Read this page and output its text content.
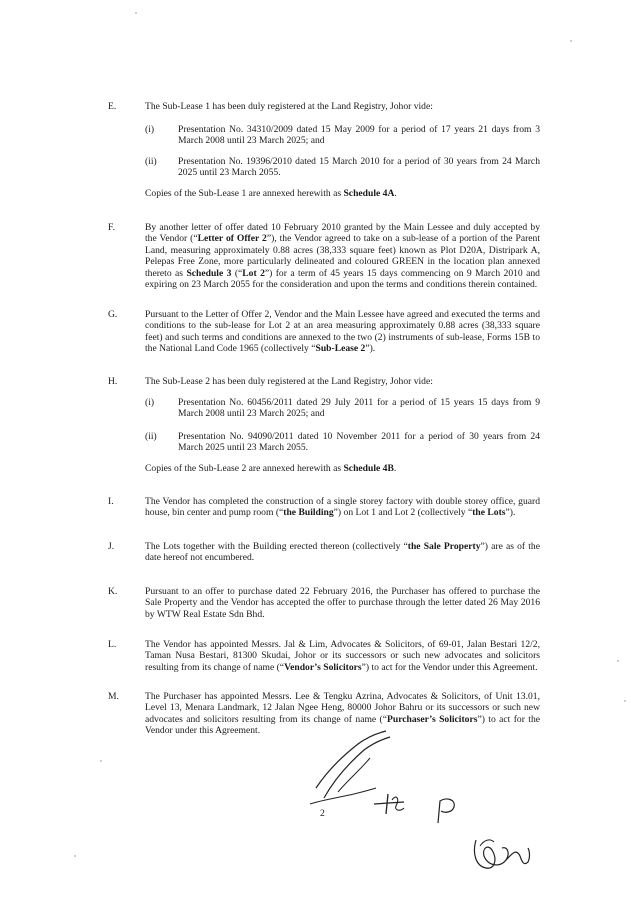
E.	The Sub-Lease 1 has been duly registered at the Land Registry, Johor vide:

(i) Presentation No. 34310/2009 dated 15 May 2009 for a period of 17 years 21 days from 3 March 2008 until 23 March 2025; and

(ii) Presentation No. 19396/2010 dated 15 March 2010 for a period of 30 years from 24 March 2025 until 23 March 2055.

Copies of the Sub-Lease 1 are annexed herewith as Schedule 4A.

F.	By another letter of offer dated 10 February 2010 granted by the Main Lessee and duly accepted by the Vendor (“Letter of Offer 2”), the Vendor agreed to take on a sub-lease of a portion of the Parent Land, measuring approximately 0.88 acres (38,333 square feet) known as Plot D20A, Distripark A, Pelepas Free Zone, more particularly delineated and coloured GREEN in the location plan annexed thereto as Schedule 3 (“Lot 2”) for a term of 45 years 15 days commencing on 9 March 2010 and expiring on 23 March 2055 for the consideration and upon the terms and conditions therein contained.

G.	Pursuant to the Letter of Offer 2, Vendor and the Main Lessee have agreed and executed the terms and conditions to the sub-lease for Lot 2 at an area measuring approximately 0.88 acres (38,333 square feet) and such terms and conditions are annexed to the two (2) instruments of sub-lease, Forms 15B to the National Land Code 1965 (collectively “Sub-Lease 2”).

H.	The Sub-Lease 2 has been duly registered at the Land Registry, Johor vide:

(i) Presentation No. 60456/2011 dated 29 July 2011 for a period of 15 years 15 days from 9 March 2008 until 23 March 2025; and

(ii) Presentation No. 94090/2011 dated 10 November 2011 for a period of 30 years from 24 March 2025 until 23 March 2055.

Copies of the Sub-Lease 2 are annexed herewith as Schedule 4B.

I.	The Vendor has completed the construction of a single storey factory with double storey office, guard house, bin center and pump room (“the Building”) on Lot 1 and Lot 2 (collectively “the Lots”).

J.	The Lots together with the Building erected thereon (collectively “the Sale Property”) are as of the date hereof not encumbered.

K.	Pursuant to an offer to purchase dated 22 February 2016, the Purchaser has offered to purchase the Sale Property and the Vendor has accepted the offer to purchase through the letter dated 26 May 2016 by WTW Real Estate Sdn Bhd.

L.	The Vendor has appointed Messrs. Jal & Lim, Advocates & Solicitors, of 69-01, Jalan Bestari 12/2, Taman Nusa Bestari, 81300 Skudai, Johor or its successors or such new advocates and solicitors resulting from its change of name (“Vendor’s Solicitors”) to act for the Vendor under this Agreement.

M.	The Purchaser has appointed Messrs. Lee & Tengku Azrina, Advocates & Solicitors, of Unit 13.01, Level 13, Menara Landmark, 12 Jalan Ngee Heng, 80000 Johor Bahru or its successors or such new advocates and solicitors resulting from its change of name (“Purchaser’s Solicitors”) to act for the Vendor under this Agreement.

2
